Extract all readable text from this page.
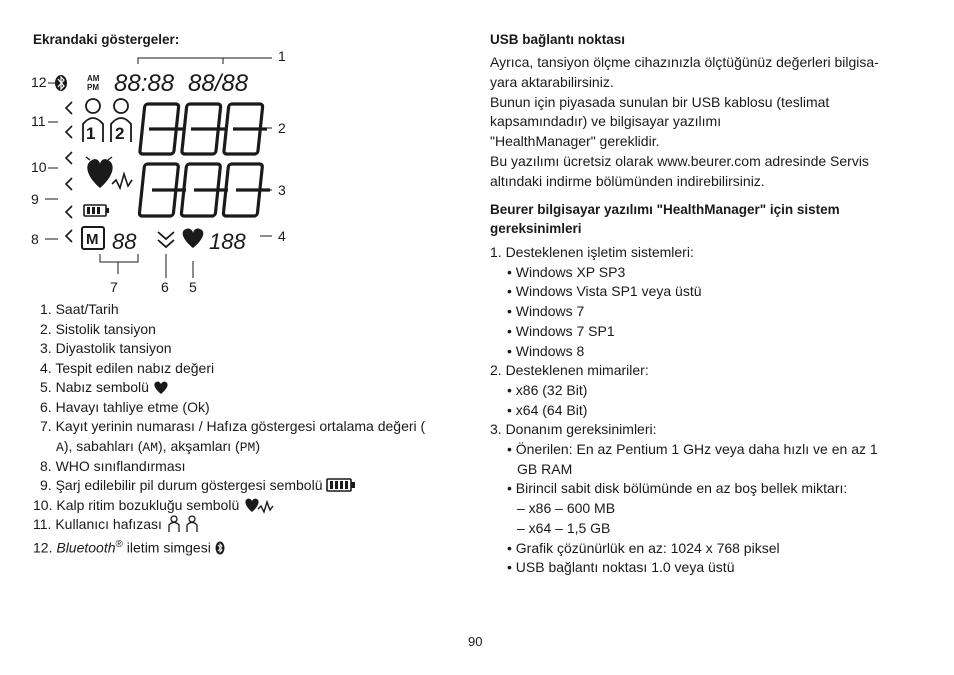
Ekrandaki göstergeler:
1
2
3
4
5
6
7
8
9
10
11
12	AM
PM 88:88 88/88
1 2
M 88	188
1. Saat/Tarih
2. Sistolik tansiyon
3. Diyastolik tansiyon
4. Tespit edilen nabız değeri
5. Nabız sembolü
6. Havayı tahliye etme (Ok)
7. Kayıt yerinin numarası / Hafıza göstergesi ortalama değeri (
A), sabahları (AM), akşamları (PM)
8. WHO sınıflandırması
9. Şarj edilebilir pil durum göstergesi sembolü
10. Kalp ritim bozukluğu sembolü
11. Kullanıcı hafızası
12. Bluetooth® iletim simgesi
USB bağlantı noktası
Ayrıca, tansiyon ölçme cihazınızla ölçtüğünüz değerleri bilgisa-
yara aktarabilirsiniz.
Bunun için piyasada sunulan bir USB kablosu (teslimat
kapsamındadır) ve bilgisayar yazılımı
"HealthManager" gereklidir.
Bu yazılımı ücretsiz olarak www.beurer.com adresinde Servis
altındaki indirme bölümünden indirebilirsiniz.
Beurer bilgisayar yazılımı "HealthManager" için sistem
gereksinimleri
1. Desteklenen işletim sistemleri:
• Windows XP SP3
• Windows Vista SP1 veya üstü
• Windows 7
• Windows 7 SP1
• Windows 8
2. Desteklenen mimariler:
• x86 (32 Bit)
• x64 (64 Bit)
3. Donanım gereksinimleri:
• Önerilen: En az Pentium 1 GHz veya daha hızlı ve en az 1
GB RAM
• Birincil sabit disk bölümünde en az boş bellek miktarı:
– x86 – 600 MB
– x64 – 1,5 GB
• Grafik çözünürlük en az: 1024 x 768 piksel
• USB bağlantı noktası 1.0 veya üstü
90
